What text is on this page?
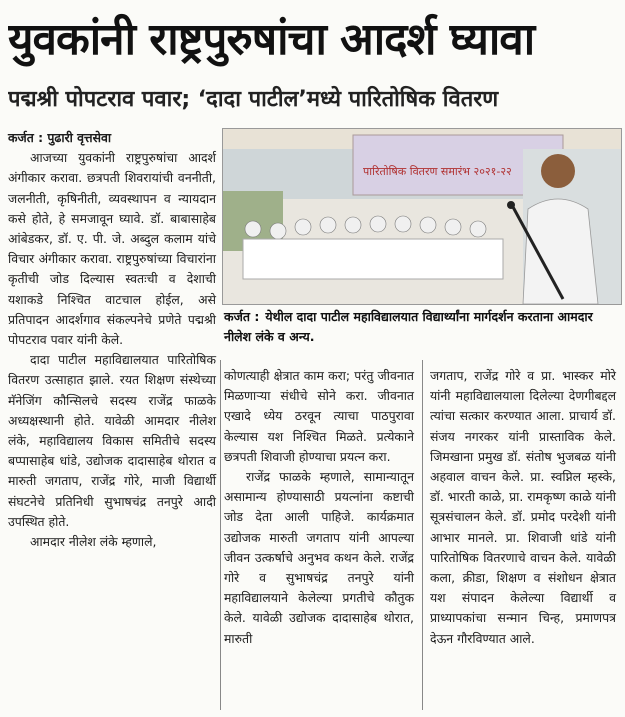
युवकांनी राष्ट्रपुरुषांचा आदर्श घ्यावा
पद्मश्री पोपटराव पवार; ‘दादा पाटील’मध्ये पारितोषिक वितरण

कर्जत : पुढारी वृत्तसेवा

आजच्या युवकांनी राष्ट्रपुरुषांचा आदर्श अंगीकार करावा. छत्रपती शिवरायांची वननीती, जलनीती, कृषिनीती, व्यवस्थापन व न्यायदान कसे होते, हे समजावून घ्यावे. डॉ. बाबासाहेब आंबेडकर, डॉ. ए. पी. जे. अब्दुल कलाम यांचे विचार अंगीकार करावा. राष्ट्रपुरुषांच्या विचारांना कृतीची जोड दिल्यास स्वतःची व देशाची यशाकडे निश्चित वाटचाल होईल, असे प्रतिपादन आदर्शगाव संकल्पनेचे प्रणेते पद्मश्री पोपटराव पवार यांनी केले.

दादा पाटील महाविद्यालयात पारितोषिक वितरण उत्साहात झाले. रयत शिक्षण संस्थेच्या मॅनेजिंग कौन्सिलचे सदस्य राजेंद्र फाळके अध्यक्षस्थानी होते. यावेळी आमदार नीलेश लंके, महाविद्यालय विकास समितीचे सदस्य बप्पासाहेब धांडे, उद्योजक दादासाहेब थोरात व मारुती जगताप, राजेंद्र गोरे, माजी विद्यार्थी संघटनेचे प्रतिनिधी सुभाषचंद्र तनपुरे आदी उपस्थित होते.

आमदार नीलेश लंके म्हणाले,

पारितोषिक वितरण समारंभ २०२१-२२
कर्जत : येथील दादा पाटील महाविद्यालयात विद्यार्थ्यांना मार्गदर्शन करताना आमदार नीलेश लंके व अन्य.

कोणत्याही क्षेत्रात काम करा; परंतु जीवनात मिळणाऱ्या संधीचे सोने करा. जीवनात एखादे ध्येय ठरवून त्याचा पाठपुरावा केल्यास यश निश्चित मिळते. प्रत्येकाने छत्रपती शिवाजी होण्याचा प्रयत्न करा.

राजेंद्र फाळके म्हणाले, सामान्यातून असामान्य होण्यासाठी प्रयत्नांना कष्टाची जोड देता आली पाहिजे. कार्यक्रमात उद्योजक मारुती जगताप यांनी आपल्या जीवन उत्कर्षाचे अनुभव कथन केले. राजेंद्र गोरे व सुभाषचंद्र तनपुरे यांनी महाविद्यालयाने केलेल्या प्रगतीचे कौतुक केले. यावेळी उद्योजक दादासाहेब थोरात, मारुती

जगताप, राजेंद्र गोरे व प्रा. भास्कर मोरे यांनी महाविद्यालयाला दिलेल्या देणगीबद्दल त्यांचा सत्कार करण्यात आला. प्राचार्य डॉ. संजय नगरकर यांनी प्रास्ताविक केले. जिमखाना प्रमुख डॉ. संतोष भुजबळ यांनी अहवाल वाचन केले. प्रा. स्वप्निल म्हस्के, डॉ. भारती काळे, प्रा. रामकृष्ण काळे यांनी सूत्रसंचालन केले. डॉ. प्रमोद परदेशी यांनी आभार मानले. प्रा. शिवाजी धांडे यांनी पारितोषिक वितरणाचे वाचन केले. यावेळी कला, क्रीडा, शिक्षण व संशोधन क्षेत्रात यश संपादन केलेल्या विद्यार्थी व प्राध्यापकांचा सन्मान चिन्ह, प्रमाणपत्र देऊन गौरविण्यात आले.
